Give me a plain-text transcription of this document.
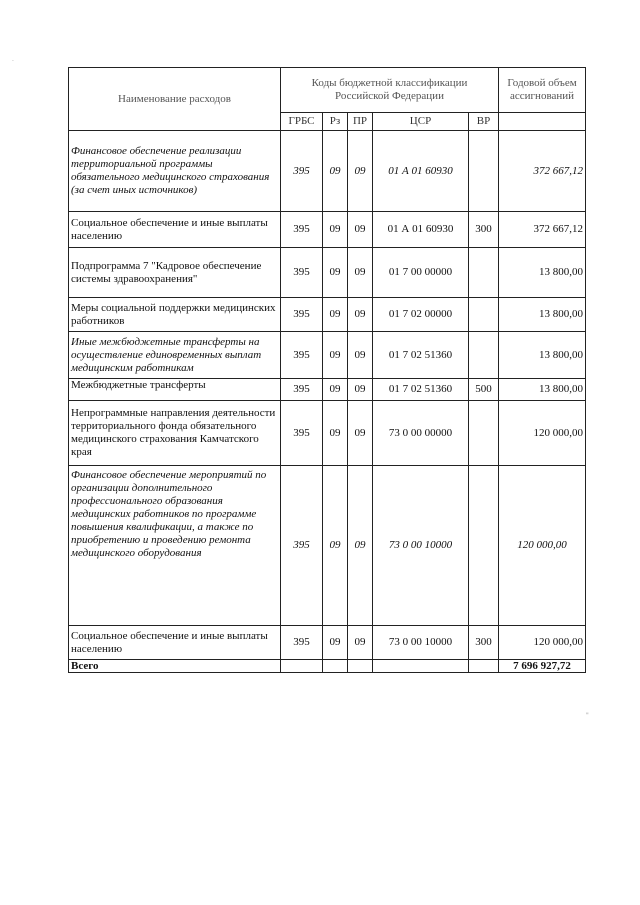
·
"
Наименование расходов	Коды бюджетной классификации Российской Федерации					Годовой объем ассигнований
	ГРБС	Рз	ПР	ЦСР	ВР	
Финансовое обеспечение реализации территориальной программы обязательного медицинского страхования (за счет иных источников)	395	09	09	01 А 01 60930		372 667,12
Социальное обеспечение и иные выплаты населению	395	09	09	01 А 01 60930	300	372 667,12
Подпрограмма 7 "Кадровое обеспечение системы здравоохранения"	395	09	09	01 7 00 00000		13 800,00
Меры социальной поддержки медицинских работников	395	09	09	01 7 02 00000		13 800,00
Иные межбюджетные трансферты на осуществление единовременных выплат медицинским работникам	395	09	09	01 7 02 51360		13 800,00
Межбюджетные трансферты	395	09	09	01 7 02 51360	500	13 800,00
Непрограммные направления деятельности территориального фонда обязательного медицинского страхования Камчатского края	395	09	09	73 0 00 00000		120 000,00
Финансовое обеспечение мероприятий по организации дополнительного профессионального образования медицинских работников по программе повышения квалификации, а также по приобретению и проведению ремонта медицинского оборудования	395	09	09	73 0 00 10000		120 000,00
Социальное обеспечение и иные выплаты населению	395	09	09	73 0 00 10000	300	120 000,00
Всего						7 696 927,72
